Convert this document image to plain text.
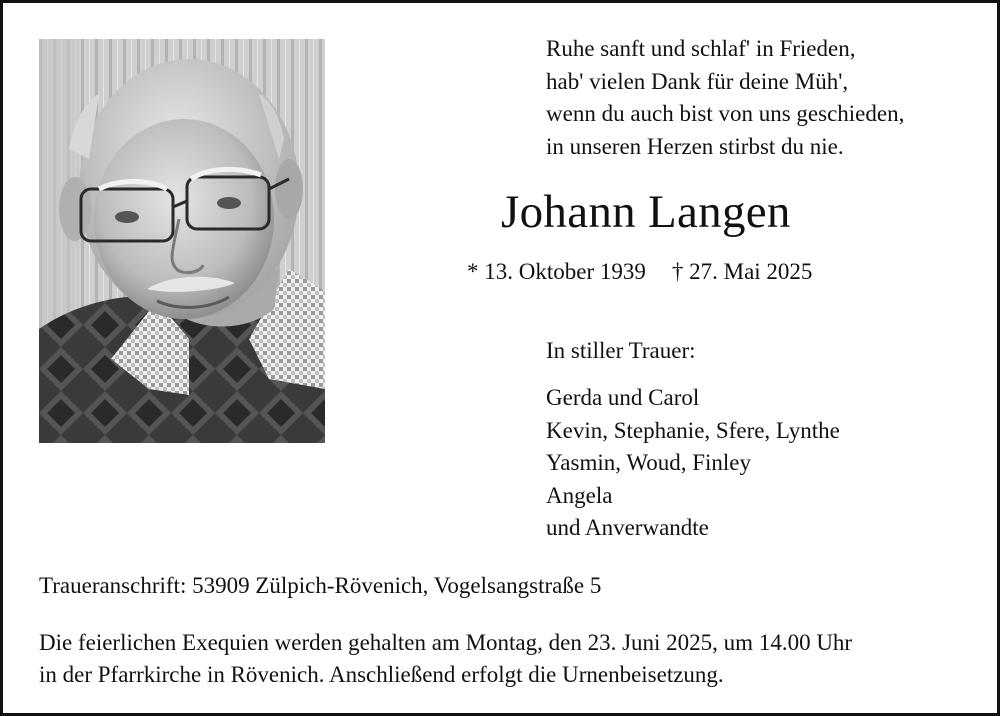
Ruhe sanft und schlaf' in Frieden,
hab' vielen Dank für deine Müh',
wenn du auch bist von uns geschieden,
in unseren Herzen stirbst du nie.
Johann Langen
* 13. Oktober 1939 † 27. Mai 2025
In stiller Trauer:
Gerda und Carol
Kevin, Stephanie, Sfere, Lynthe
Yasmin, Woud, Finley
Angela
und Anverwandte
Traueranschrift: 53909 Zülpich-Rövenich, Vogelsangstraße 5
Die feierlichen Exequien werden gehalten am Montag, den 23. Juni 2025, um 14.00 Uhr
in der Pfarrkirche in Rövenich. Anschließend erfolgt die Urnenbeisetzung.
